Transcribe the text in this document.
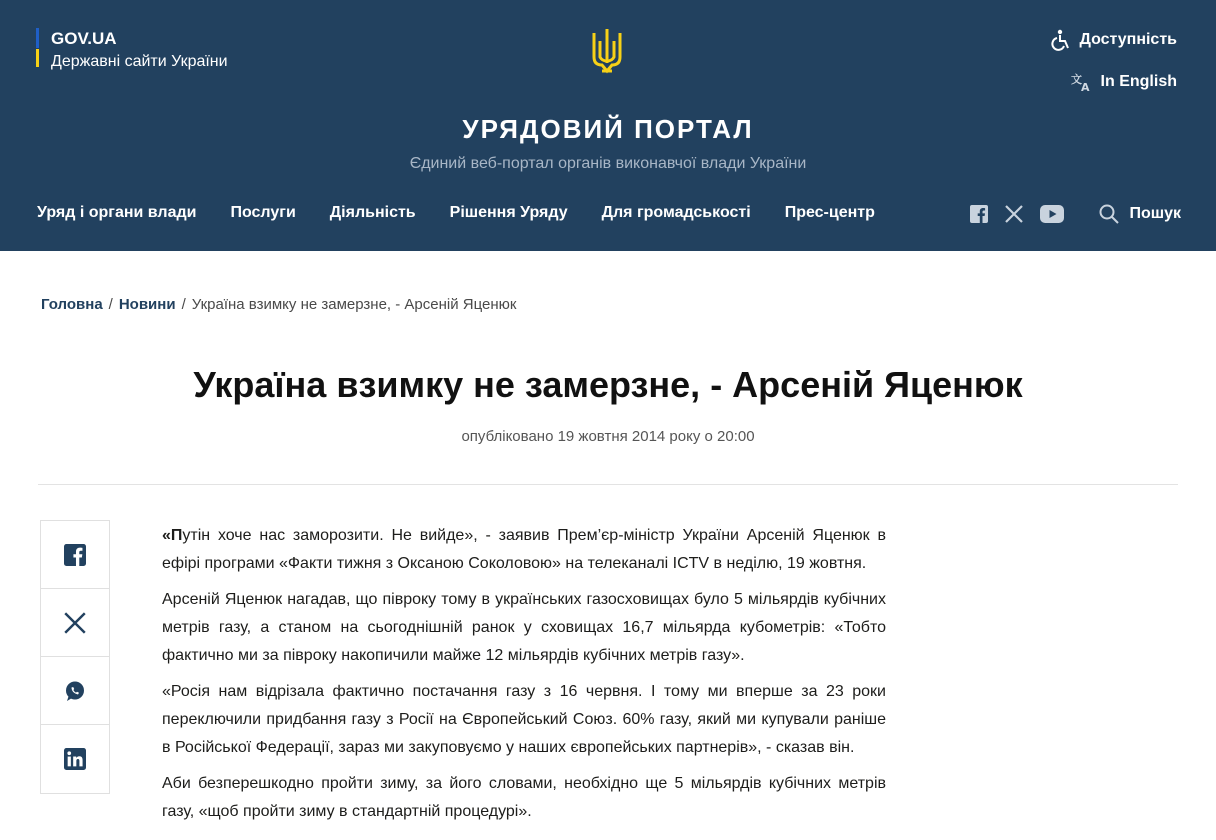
GOV.UA
Державні сайти України
Доступність
文
A In English
УРЯДОВИЙ ПОРТАЛ
Єдиний веб-портал органів виконавчої влади України
Уряд і органи влади Послуги Діяльність Рішення Уряду Для громадськості Прес-центр	Пошук
Головна / Новини / Україна взимку не замерзне, - Арсеній Яценюк
Україна взимку не замерзне, - Арсеній Яценюк
опубліковано 19 жовтня 2014 року о 20:00

«Путін хоче нас заморозити. Не вийде», - заявив Прем’єр-міністр України Арсеній Яценюк в ефірі програми «Факти тижня з Оксаною Соколовою» на телеканалі ICTV в неділю, 19 жовтня.

Арсеній Яценюк нагадав, що півроку тому в українських газосховищах було 5 мільярдів кубічних метрів газу, а станом на сьогоднішній ранок у сховищах 16,7 мільярда кубометрів: «Тобто фактично ми за півроку накопичили майже 12 мільярдів кубічних метрів газу».

«Росія нам відрізала фактично постачання газу з 16 червня. І тому ми вперше за 23 роки переключили придбання газу з Росії на Європейський Союз. 60% газу, який ми купували раніше в Російської Федерації, зараз ми закуповуємо у наших європейських партнерів», - сказав він.

Аби безперешкодно пройти зиму, за його словами, необхідно ще 5 мільярдів кубічних метрів газу, «щоб пройти зиму в стандартній процедурі».
